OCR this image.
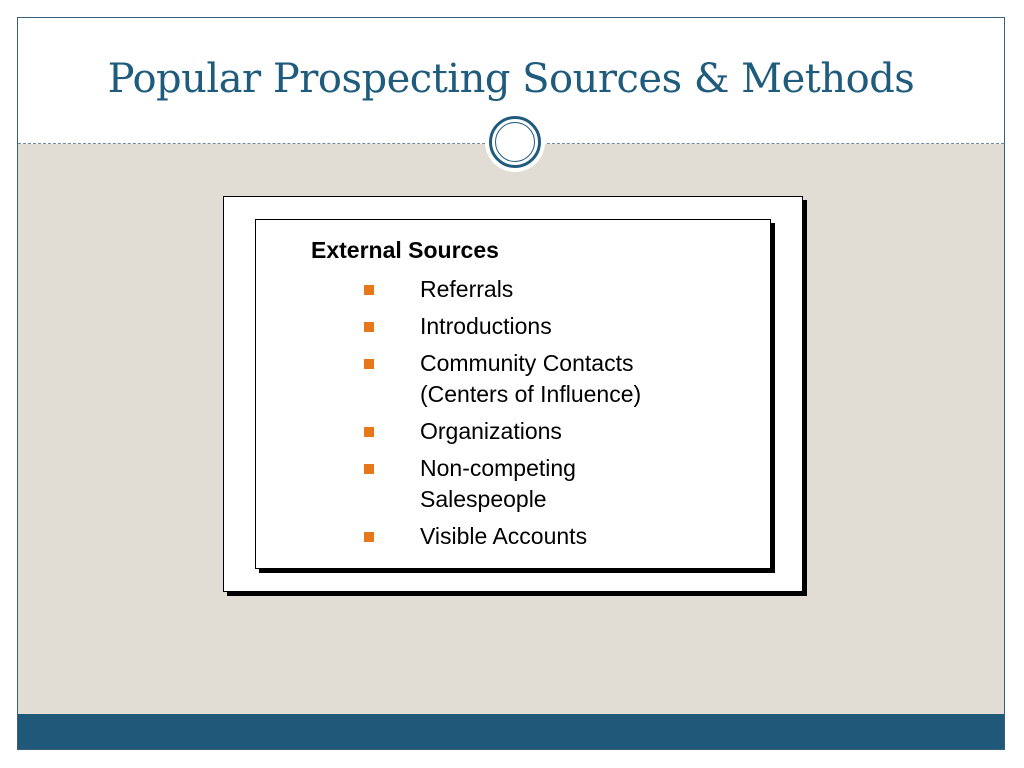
Popular Prospecting Sources & Methods

External Sources

Referrals
Introductions
Community Contacts (Centers of Influence)
Organizations
Non-competing Salespeople
Visible Accounts
